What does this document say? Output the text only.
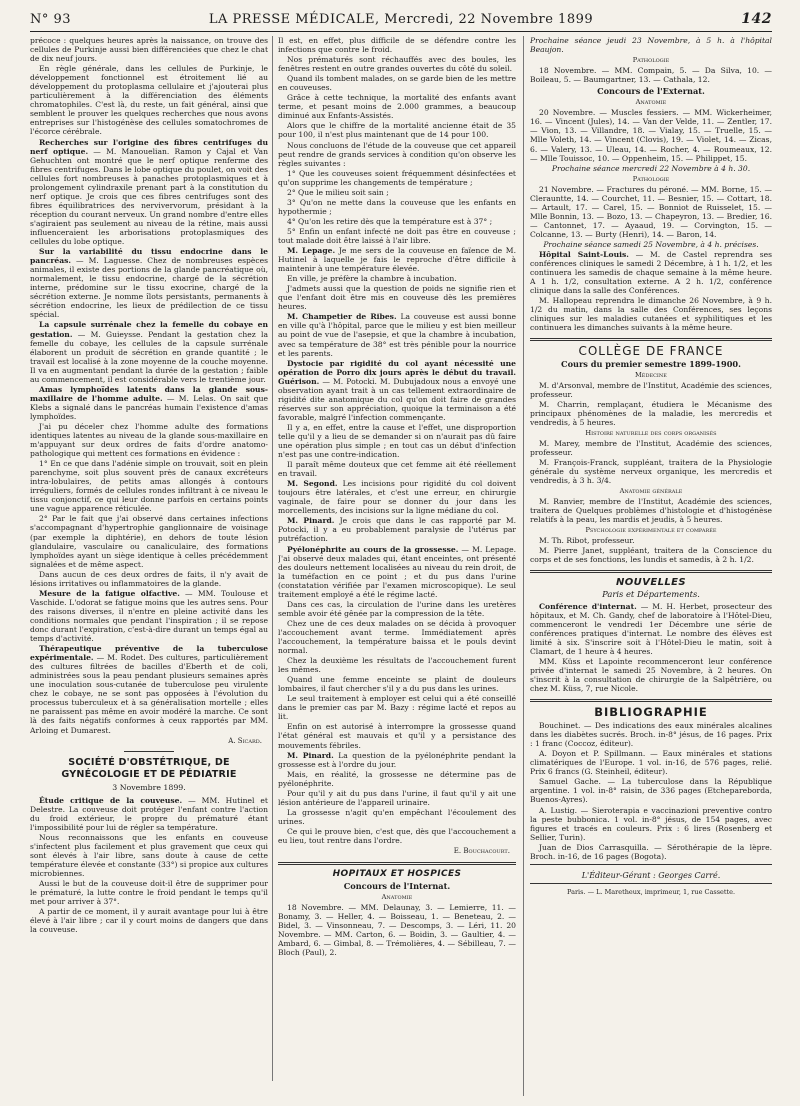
N° 93	LA PRESSE MÉDICALE, Mercredi, 22 Novembre 1899	142

précoce : quelques heures après la naissance, on trouve des cellules de Purkinje aussi bien différenciées que chez le chat de dix neuf jours.

En règle générale, dans les cellules de Purkinje, le développement fonctionnel est étroitement lié au développement du protoplasma cellulaire et j'ajouterai plus particulièrement à la différenciation des éléments chromatophiles. C'est là, du reste, un fait général, ainsi que semblent le prouver les quelques recherches que nous avons entreprises sur l'histogénèse des cellules somatochromes de l'écorce cérébrale.

Recherches sur l'origine des fibres centrifuges du nerf optique. — M. Manouelian. Ramon y Cajal et Van Gehuchten ont montré que le nerf optique renferme des fibres centrifuges. Dans le lobe optique du poulet, on voit des cellules fort nombreuses à panaches protoplasmiques et à prolongement cylindraxile prenant part à la constitution du nerf optique. Je crois que ces fibres centrifuges sont des fibres équilibratrices des nervivervorum, présidant à la réception du courant nerveux. Un grand nombre d'entre elles s'agiraient pas seulement au niveau de la rétine, mais aussi influenceraient les arborisations protoplasmiques des cellules du lobe optique.

Sur la variabilité du tissu endocrine dans le pancréas. — M. Laguesse. Chez de nombreuses espèces animales, il existe des portions de la glande pancréatique où, normalement, le tissu endocrine, chargé de la sécrétion interne, prédomine sur le tissu exocrine, chargé de la sécrétion externe. Je nomme îlots persistants, permanents à sécrétion endocrine, les lieux de prédilection de ce tissu spécial.

La capsule surrénale chez la femelle du cobaye en gestation. — M. Guieysse. Pendant la gestation chez la femelle du cobaye, les cellules de la capsule surrénale élaborent un produit de sécrétion en grande quantité ; le travail est localisé à la zone moyenne de la couche moyenne. Il va en augmentant pendant la durée de la gestation ; faible au commencement, il est considérable vers le trentième jour.

Amas lymphoïdes latents dans la glande sous-maxillaire de l'homme adulte. — M. Lelas. On sait que Klebs a signalé dans le pancréas humain l'existence d'amas lymphoïdes.

J'ai pu déceler chez l'homme adulte des formations identiques latentes au niveau de la glande sous-maxillaire en m'appuyant sur deux ordres de faits d'ordre anatomo-pathologique qui mettent ces formations en évidence :

1° En ce que dans l'adénie simple on trouvait, soit en plein parenchyme, soit plus souvent près de canaux excréteurs intra-lobulaires, de petits amas allongés à contours irréguliers, formés de cellules rondes infiltrant à ce niveau le tissu conjonctif, ce qui leur donne parfois en certains points une vague apparence réticulée.

2° Par le fait que j'ai observé dans certaines infections s'accompagnant d'hypertrophie ganglionnaire de voisinage (par exemple la diphtérie), en dehors de toute lésion glandulaire, vasculaire ou canaliculaire, des formations lymphoïdes ayant un siège identique à celles précédemment signalées et de même aspect.

Dans aucun de ces deux ordres de faits, il n'y avait de lésions irritatives ou inflammatoires de la glande.

Mesure de la fatigue olfactive. — MM. Toulouse et Vaschide. L'odorat se fatigue moins que les autres sens. Pour des raisons diverses, il n'entre en pleine activité dans les conditions normales que pendant l'inspiration ; il se repose donc durant l'expiration, c'est-à-dire durant un temps égal au temps d'activité.

Thérapeutique préventive de la tuberculose expérimentale. — M. Rodet. Des cultures, particulièrement des cultures filtrées de bacilles d'Eberth et de coli, administrées sous la peau pendant plusieurs semaines après une inoculation sous-cutanée de tuberculose peu virulente chez le cobaye, ne se sont pas opposées à l'évolution du processus tuberculeux et à sa généralisation mortelle ; elles ne paraissent pas même en avoir modéré la marche. Ce sont là des faits négatifs conformes à ceux rapportés par MM. Arloing et Dumarest.

A. Sicard.
SOCIÉTÉ D'OBSTÉTRIQUE, DE GYNÉCOLOGIE ET DE PÉDIATRIE
3 Novembre 1899.

Étude critique de la couveuse. — MM. Hutinel et Delestre. La couveuse doit protéger l'enfant contre l'action du froid extérieur, le propre du prématuré étant l'impossibilité pour lui de régler sa température.

Nous reconnaissons que les enfants en couveuse s'infectent plus facilement et plus gravement que ceux qui sont élevés à l'air libre, sans doute à cause de cette température élevée et constante (33°) si propice aux cultures microbiennes.

Aussi le but de la couveuse doit-il être de supprimer pour le prématuré, la lutte contre le froid pendant le temps qu'il met pour arriver à 37°.

A partir de ce moment, il y aurait avantage pour lui à être élevé à l'air libre ; car il y court moins de dangers que dans la couveuse.

Il est, en effet, plus difficile de se défendre contre les infections que contre le froid.

Nos prématurés sont réchauffés avec des boules, les fenêtres restent en outre grandes ouvertes du côté du soleil.

Quand ils tombent malades, on se garde bien de les mettre en couveuses.

Grâce à cette technique, la mortalité des enfants avant terme, et pesant moins de 2.000 grammes, a beaucoup diminué aux Enfants-Assistés.

Alors que le chiffre de la mortalité ancienne était de 35 pour 100, il n'est plus maintenant que de 14 pour 100.

Nous concluons de l'étude de la couveuse que cet appareil peut rendre de grands services à condition qu'on observe les règles suivantes :

1° Que les couveuses soient fréquemment désinfectées et qu'on supprime les changements de température ;

2° Que le milieu soit sain ;

3° Qu'on ne mette dans la couveuse que les enfants en hypothermie ;

4° Qu'on les retire dès que la température est à 37° ;

5° Enfin un enfant infecté ne doit pas être en couveuse ; tout malade doit être laissé à l'air libre.

M. Lepage. Je me sers de la couveuse en faïence de M. Hutinel à laquelle je fais le reproche d'être difficile à maintenir à une température élevée.

En ville, je préfère la chambre à incubation.

J'admets aussi que la question de poids ne signifie rien et que l'enfant doit être mis en couveuse dès les premières heures.

M. Champetier de Ribes. La couveuse est aussi bonne en ville qu'à l'hôpital, parce que le milieu y est bien meilleur au point de vue de l'asepsie, et que la chambre à incubation, avec sa température de 38° est très pénible pour la nourrice et les parents.

Dystocie par rigidité du col ayant nécessité une opération de Porro dix jours après le début du travail. Guérison. — M. Potocki. M. Dubujadoux nous a envoyé une observation ayant trait à un cas tellement extraordinaire de rigidité dite anatomique du col qu'on doit faire de grandes réserves sur son appréciation, quoique la terminaison a été favorable, malgré l'infection commençante.

Il y a, en effet, entre la cause et l'effet, une disproportion telle qu'il y a lieu de se demander si on n'aurait pas dû faire une opération plus simple ; en tout cas un début d'infection n'est pas une contre-indication.

Il paraît même douteux que cet femme ait été réellement en travail.

M. Segond. Les incisions pour rigidité du col doivent toujours être latérales, et c'est une erreur, en chirurgie vaginale, de faire pour se donner du jour dans les morcellements, des incisions sur la ligne médiane du col.

M. Pinard. Je crois que dans le cas rapporté par M. Potocki, il y a eu probablement paralysie de l'utérus par putréfaction.

Pyélonéphrite au cours de la grossesse. — M. Lepage. J'ai observé deux malades qui, étant enceintes, ont présenté des douleurs nettement localisées au niveau du rein droit, de la tuméfaction en ce point ; et du pus dans l'urine (constatation vérifiée par l'examen microscopique). Le seul traitement employé a été le régime lacté.

Dans ces cas, la circulation de l'urine dans les uretères semble avoir été gênée par la compression de la tête.

Chez une de ces deux malades on se décida à provoquer l'accouchement avant terme. Immédiatement après l'accouchement, la température baissa et le pouls devint normal.

Chez la deuxième les résultats de l'accouchement furent les mêmes.

Quand une femme enceinte se plaint de douleurs lombaires, il faut chercher s'il y a du pus dans les urines.

Le seul traitement à employer est celui qui a été conseillé dans le premier cas par M. Bazy : régime lacté et repos au lit.

Enfin on est autorisé à interrompre la grossesse quand l'état général est mauvais et qu'il y a persistance des mouvements fébriles.

M. Pinard. La question de la pyélonéphrite pendant la grossesse est à l'ordre du jour.

Mais, en réalité, la grossesse ne détermine pas de pyélonéphrite.

Pour qu'il y ait du pus dans l'urine, il faut qu'il y ait une lésion antérieure de l'appareil urinaire.

La grossesse n'agit qu'en empêchant l'écoulement des urines.

Ce qui le prouve bien, c'est que, dès que l'accouchement a eu lieu, tout rentre dans l'ordre.

E. Bouchacourt.
HOPITAUX ET HOSPICES
Concours de l'Internat.
Anatomie

18 Novembre. — MM. Delaunay, 3. — Lemierre, 11. — Bonamy, 3. — Heller, 4. — Boisseau, 1. — Beneteau, 2. — Bidel, 3. — Vinsonneau, 7. — Descomps, 3. — Léri, 11. 20 Novembre. — MM. Carton, 6. — Boidin, 3. — Gaultier, 4. — Ambard, 6. — Gimbal, 8. — Trémolières, 4. — Sébilleau, 7. — Bloch (Paul), 2.

Prochaine séance jeudi 23 Novembre, à 5 h. à l'hôpital Beaujon.

Pathologie

18 Novembre. — MM. Compain, 5. — Da Silva, 10. — Boileau, 5. — Baumgartner, 13. — Cathala, 12.

Concours de l'Externat.
Anatomie

20 Novembre. — Muscles fessiers. — MM. Wickerheimer, 16. — Vincent (Jules), 14. — Van der Velde, 11. — Zentler, 17. — Vion, 13. — Villandre, 18. — Vialay, 15. — Truelle, 15. — Mlle Voleth, 14. — Vincent (Clovis), 19. — Violet, 14. — Zicas, 6. — Valery, 13. — Uleau, 14. — Rocher, 4. — Roumeaux, 12. — Mlle Touissoc, 10. — Oppenheim, 15. — Philippet, 15.

Prochaine séance mercredi 22 Novembre à 4 h. 30.

Pathologie

21 Novembre. — Fractures du péroné. — MM. Borne, 15. — Clerauntte, 14. — Courchet, 11. — Besnier, 15. — Cottart, 18. — Artault, 17. — Carel, 15. — Bonniot de Ruisselet, 15. — Mlle Bonnin, 13. — Bozo, 13. — Chapeyron, 13. — Bredier, 16. — Cantonnet, 17. — Ayaaud, 19. — Corvington, 15. — Colcanne, 13. — Burty (Henri), 14. — Baron, 14.

Prochaine séance samedi 25 Novembre, à 4 h. précises.

Hôpital Saint-Louis. — M. de Castel reprendra ses conférences cliniques le samedi 2 Décembre, à 1 h. 1/2, et les continuera les samedis de chaque semaine à la même heure. A 1 h. 1/2, consultation externe. A 2 h. 1/2, conférence clinique dans la salle des Conférences.

M. Hallopeau reprendra le dimanche 26 Novembre, à 9 h. 1/2 du matin, dans la salle des Conférences, ses leçons cliniques sur les maladies cutanées et syphilitiques et les continuera les dimanches suivants à la même heure.

COLLÈGE DE FRANCE
Cours du premier semestre 1899-1900.
Médecine

M. d'Arsonval, membre de l'Institut, Académie des sciences, professeur.

M. Charrin, remplaçant, étudiera le Mécanisme des principaux phénomènes de la maladie, les mercredis et vendredis, à 5 heures.

Histoire naturelle des corps organisés

M. Marey, membre de l'Institut, Académie des sciences, professeur.

M. François-Franck, suppléant, traitera de la Physiologie générale du système nerveux organique, les mercredis et vendredis, à 3 h. 3/4.

Anatomie générale

M. Ranvier, membre de l'Institut, Académie des sciences, traitera de Quelques problèmes d'histologie et d'histogénèse relatifs à la peau, les mardis et jeudis, à 5 heures.

Psychologie expérimentale et comparée

M. Th. Ribot, professeur.

M. Pierre Janet, suppléant, traitera de la Conscience du corps et de ses fonctions, les lundis et samedis, à 2 h. 1/2.

NOUVELLES
Paris et Départements.

Conférence d'internat. — M. H. Herbet, prosecteur des hôpitaux, et M. Ch. Gandy, chef de laboratoire à l'Hôtel-Dieu, commenceront le vendredi 1er Décembre une série de conférences pratiques d'internat. Le nombre des élèves est limité à six. S'inscrire soit à l'Hôtel-Dieu le matin, soit à Clamart, de 1 heure à 4 heures.

MM. Küss et Lapointe recommenceront leur conférence privée d'internat le samedi 25 Novembre, à 2 heures. On s'inscrit à la consultation de chirurgie de la Salpêtrière, ou chez M. Küss, 7, rue Nicole.

BIBLIOGRAPHIE

Bouchinet. — Des indications des eaux minérales alcalines dans les diabètes sucrés. Broch. in-8° jésus, de 16 pages. Prix : 1 franc (Coccoz, éditeur).

A. Doyon et P. Spillmann. — Eaux minérales et stations climatériques de l'Europe. 1 vol. in-16, de 576 pages, relié. Prix 6 francs (G. Steinheil, éditeur).

Samuel Gache. — La tuberculose dans la République argentine. 1 vol. in-8° raisin, de 336 pages (Etchepareborda, Buenos-Ayres).

A. Lustig. — Sieroterapia e vaccinazioni preventive contro la peste bubbonica. 1 vol. in-8° jésus, de 154 pages, avec figures et tracés en couleurs. Prix : 6 lires (Rosenberg et Sellier, Turin).

Juan de Dios Carrasquilla. — Sérothérapie de la lèpre. Broch. in-16, de 16 pages (Bogota).

L'Éditeur-Gérant : Georges Carré.
Paris. — L. Maretheux, imprimeur, 1, rue Cassette.
